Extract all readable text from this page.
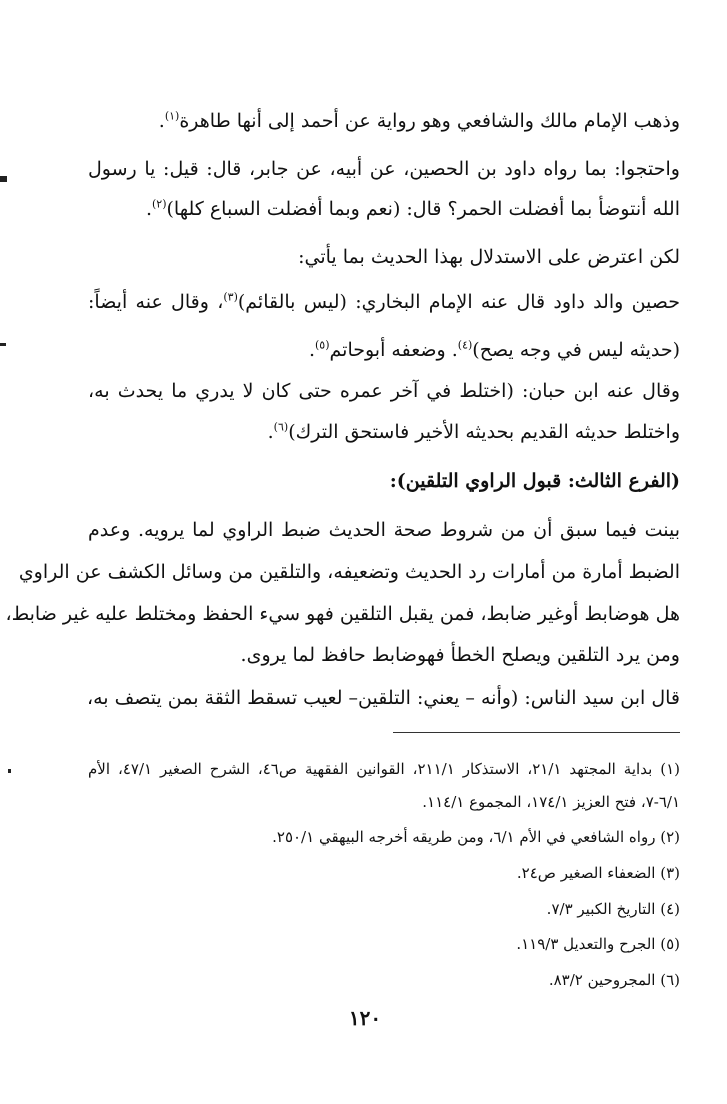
وذهب الإمام مالك والشافعي وهو رواية عن أحمد إلى أنها طاهرة$^{(١)}$.
واحتجوا: بما رواه داود بن الحصين، عن أبيه، عن جابر، قال: قيل: يا رسول
الله أنتوضأ بما أفضلت الحمر؟ قال: (نعم وبما أفضلت السباع كلها)$^{(٢)}$.
لكن اعترض على الاستدلال بهذا الحديث بما يأتي:
حصين والد داود قال عنه الإمام البخاري: (ليس بالقائم)$^{(٣)}$، وقال عنه أيضاً:
(حديثه ليس في وجه يصح)$^{(٤)}$. وضعفه أبوحاتم$^{(٥)}$.
وقال عنه ابن حبان: (اختلط في آخر عمره حتى كان لا يدري ما يحدث به،
واختلط حديثه القديم بحديثه الأخير فاستحق الترك)$^{(٦)}$.
(الفرع الثالث: قبول الراوي التلقين):
بينت فيما سبق أن من شروط صحة الحديث ضبط الراوي لما يرويه. وعدم
الضبط أمارة من أمارات رد الحديث وتضعيفه، والتلقين من وسائل الكشف عن الراوي
هل هوضابط أوغير ضابط، فمن يقبل التلقين فهو سيء الحفظ ومختلط عليه غير ضابط،
ومن يرد التلقين ويصلح الخطأ فهوضابط حافظ لما يروى.
قال ابن سيد الناس: (وأنه – يعني: التلقين– لعيب تسقط الثقة بمن يتصف به،
(١) بداية المجتهد ٢١/١، الاستذكار ٢١١/١، القوانين الفقهية ص٤٦، الشرح الصغير ٤٧/١، الأم
٦/١-٧، فتح العزيز ١٧٤/١، المجموع ١١٤/١.
(٢) رواه الشافعي في الأم ٦/١، ومن طريقه أخرجه البيهقي ٢٥٠/١.
(٣) الضعفاء الصغير ص٢٤.
(٤) التاريخ الكبير ٧/٣.
(٥) الجرح والتعديل ١١٩/٣.
(٦) المجروحين ٨٣/٢.
١٢٠
